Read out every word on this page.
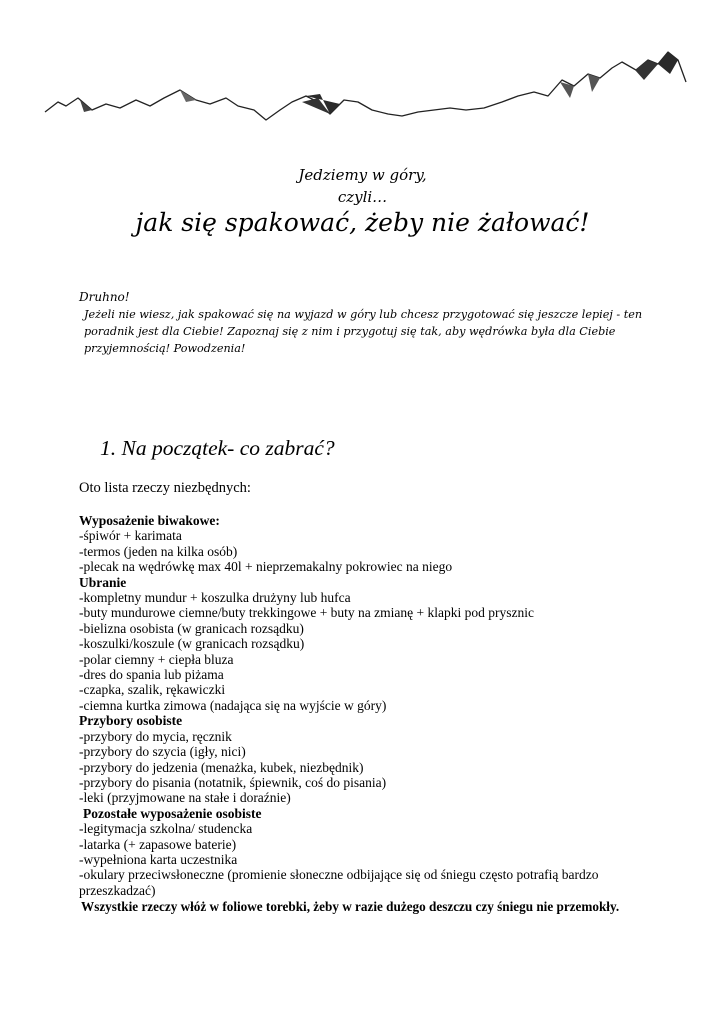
Jedziemy w góry,
czyli…
jak się spakować, żeby nie żałować!
Druhno!
Jeżeli nie wiesz, jak spakować się na wyjazd w góry lub chcesz przygotować się jeszcze lepiej - ten poradnik jest dla Ciebie! Zapoznaj się z nim i przygotuj się tak, aby wędrówka była dla Ciebie przyjemnością! Powodzenia!
1. Na początek- co zabrać?
Oto lista rzeczy niezbędnych:
Wyposażenie biwakowe:
-śpiwór + karimata
-termos (jeden na kilka osób)
-plecak na wędrówkę max 40l + nieprzemakalny pokrowiec na niego
Ubranie
-kompletny mundur + koszulka drużyny lub hufca
-buty mundurowe ciemne/buty trekkingowe + buty na zmianę + klapki pod prysznic
-bielizna osobista (w granicach rozsądku)
-koszulki/koszule (w granicach rozsądku)
-polar ciemny + ciepła bluza
-dres do spania lub piżama
-czapka, szalik, rękawiczki
-ciemna kurtka zimowa (nadająca się na wyjście w góry)
Przybory osobiste
-przybory do mycia, ręcznik
-przybory do szycia (igły, nici)
-przybory do jedzenia (menażka, kubek, niezbędnik)
-przybory do pisania (notatnik, śpiewnik, coś do pisania)
-leki (przyjmowane na stałe i doraźnie)
Pozostałe wyposażenie osobiste
-legitymacja szkolna/ studencka
-latarka (+ zapasowe baterie)
-wypełniona karta uczestnika
-okulary przeciwsłoneczne (promienie słoneczne odbijające się od śniegu często potrafią bardzo przeszkadzać)
Wszystkie rzeczy włóż w foliowe torebki, żeby w razie dużego deszczu czy śniegu nie przemokły.
